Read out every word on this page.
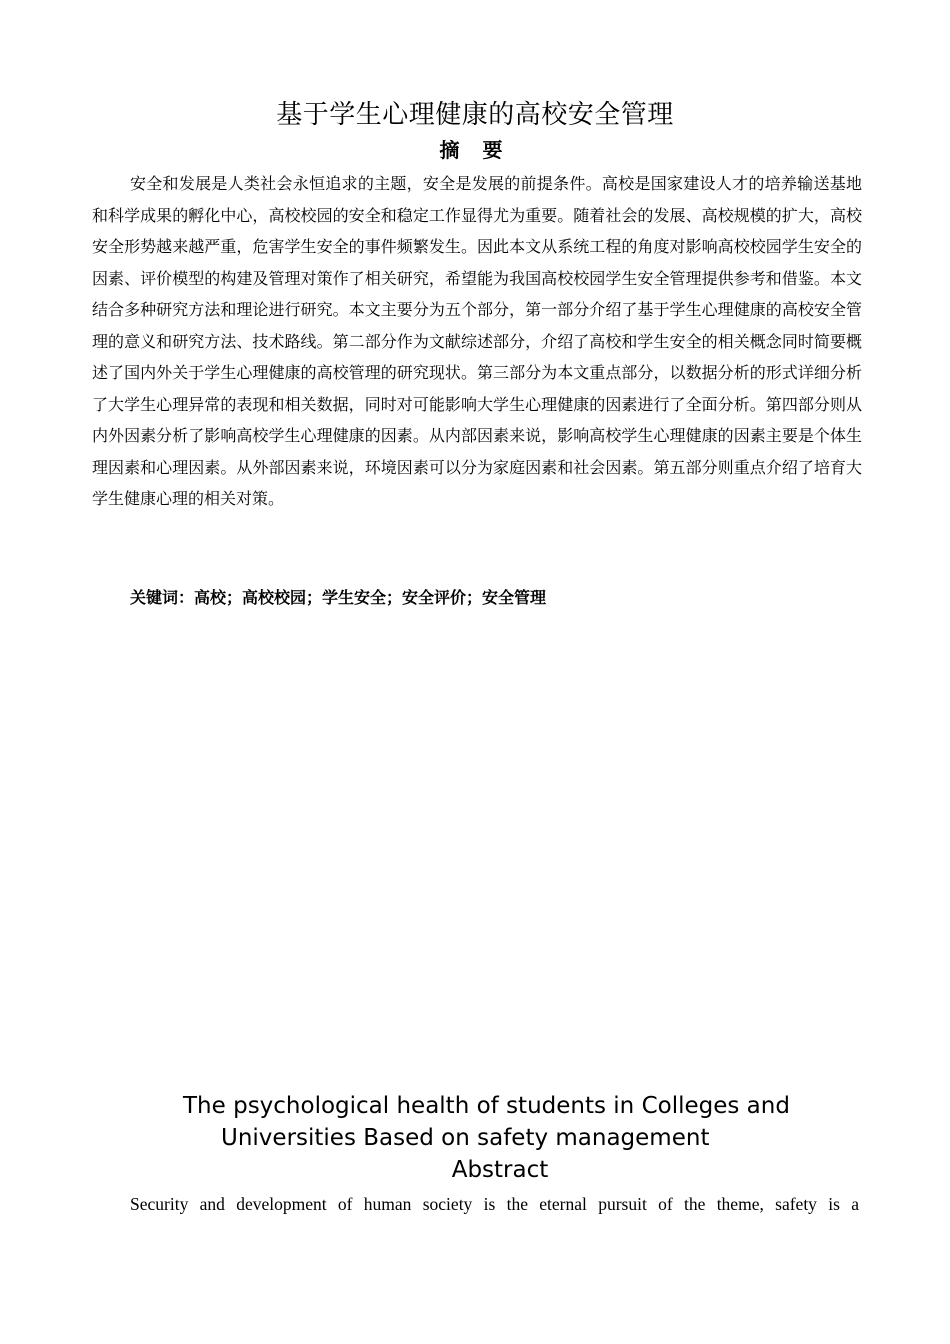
基于学生心理健康的高校安全管理
摘 要

安全和发展是人类社会永恒追求的主题，安全是发展的前提条件。高校是国家建设人才的培养输送基地和科学成果的孵化中心，高校校园的安全和稳定工作显得尤为重要。随着社会的发展、高校规模的扩大，高校安全形势越来越严重，危害学生安全的事件频繁发生。因此本文从系统工程的角度对影响高校校园学生安全的因素、评价模型的构建及管理对策作了相关研究，希望能为我国高校校园学生安全管理提供参考和借鉴。本文结合多种研究方法和理论进行研究。本文主要分为五个部分，第一部分介绍了基于学生心理健康的高校安全管理的意义和研究方法、技术路线。第二部分作为文献综述部分，介绍了高校和学生安全的相关概念同时简要概述了国内外关于学生心理健康的高校管理的研究现状。第三部分为本文重点部分，以数据分析的形式详细分析了大学生心理异常的表现和相关数据，同时对可能影响大学生心理健康的因素进行了全面分析。第四部分则从内外因素分析了影响高校学生心理健康的因素。从内部因素来说，影响高校学生心理健康的因素主要是个体生理因素和心理因素。从外部因素来说，环境因素可以分为家庭因素和社会因素。第五部分则重点介绍了培育大学生健康心理的相关对策。

关键词：高校；高校校园；学生安全；安全评价；安全管理

The psychological health of students in Colleges and
Universities Based on safety management
Abstract

Security and development of human society is the eternal pursuit of the theme, safety is a
